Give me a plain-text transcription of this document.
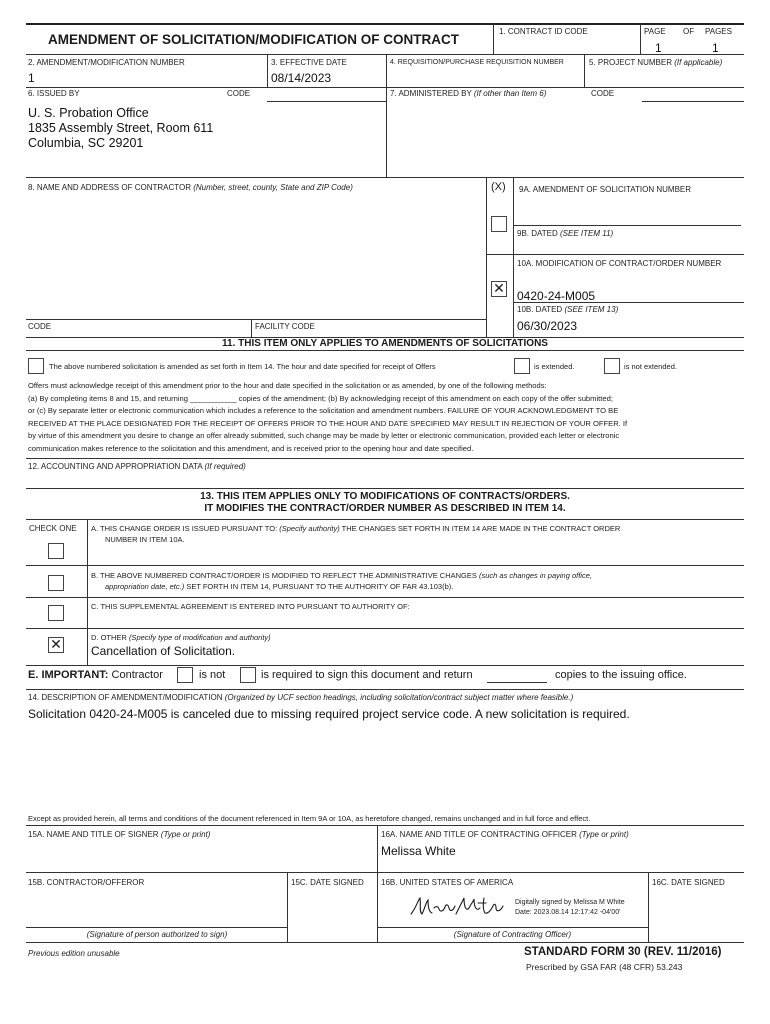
AMENDMENT OF SOLICITATION/MODIFICATION OF CONTRACT
1. CONTRACT ID CODE	PAGE OF PAGES
1	1
2. AMENDMENT/MODIFICATION NUMBER
1
3. EFFECTIVE DATE
08/14/2023
4. REQUISITION/PURCHASE REQUISITION NUMBER	5. PROJECT NUMBER (If applicable)
6. ISSUED BY	CODE
U. S. Probation Office
1835 Assembly Street, Room 611
Columbia, SC 29201
7. ADMINISTERED BY (If other than Item 6)	CODE
8. NAME AND ADDRESS OF CONTRACTOR (Number, street, county, State and ZIP Code)	(X) 9A. AMENDMENT OF SOLICITATION NUMBER
9B. DATED (SEE ITEM 11)
10A. MODIFICATION OF CONTRACT/ORDER NUMBER
✕ 0420-24-M005
10B. DATED (SEE ITEM 13)
06/30/2023
CODE	FACILITY CODE
11. THIS ITEM ONLY APPLIES TO AMENDMENTS OF SOLICITATIONS
The above numbered solicitation is amended as set forth in Item 14. The hour and date specified for receipt of Offers	is extended.	is not extended.
Offers must acknowledge receipt of this amendment prior to the hour and date specified in the solicitation or as amended, by one of the following methods:
(a) By completing items 8 and 15, and returning ___________ copies of the amendment; (b) By acknowledging receipt of this amendment on each copy of the offer submitted;
or (c) By separate letter or electronic communication which includes a reference to the solicitation and amendment numbers. FAILURE OF YOUR ACKNOWLEDGMENT TO BE
RECEIVED AT THE PLACE DESIGNATED FOR THE RECEIPT OF OFFERS PRIOR TO THE HOUR AND DATE SPECIFIED MAY RESULT IN REJECTION OF YOUR OFFER. If
by virtue of this amendment you desire to change an offer already submitted, such change may be made by letter or electronic communication, provided each letter or electronic
communication makes reference to the solicitation and this amendment, and is received prior to the opening hour and date specified.
12. ACCOUNTING AND APPROPRIATION DATA (If required)
13. THIS ITEM APPLIES ONLY TO MODIFICATIONS OF CONTRACTS/ORDERS.
IT MODIFIES THE CONTRACT/ORDER NUMBER AS DESCRIBED IN ITEM 14.
CHECK ONE A. THIS CHANGE ORDER IS ISSUED PURSUANT TO: (Specify authority) THE CHANGES SET FORTH IN ITEM 14 ARE MADE IN THE CONTRACT ORDER
NUMBER IN ITEM 10A.
B. THE ABOVE NUMBERED CONTRACT/ORDER IS MODIFIED TO REFLECT THE ADMINISTRATIVE CHANGES (such as changes in paying office,
appropriation date, etc.) SET FORTH IN ITEM 14, PURSUANT TO THE AUTHORITY OF FAR 43.103(b).
C. THIS SUPPLEMENTAL AGREEMENT IS ENTERED INTO PURSUANT TO AUTHORITY OF:
D. OTHER (Specify type of modification and authority)
✕ Cancellation of Solicitation.
E. IMPORTANT: Contractor	is not	is required to sign this document and return	copies to the issuing office.
14. DESCRIPTION OF AMENDMENT/MODIFICATION (Organized by UCF section headings, including solicitation/contract subject matter where feasible.)
Solicitation 0420-24-M005 is canceled due to missing required project service code. A new solicitation is required.
Except as provided herein, all terms and conditions of the document referenced in Item 9A or 10A, as heretofore changed, remains unchanged and in full force and effect.
15A. NAME AND TITLE OF SIGNER (Type or print)	16A. NAME AND TITLE OF CONTRACTING OFFICER (Type or print)
Melissa White
15B. CONTRACTOR/OFFEROR	15C. DATE SIGNED 16B. UNITED STATES OF AMERICA	16C. DATE SIGNED
Digitally signed by Melissa M White
Date: 2023.08.14 12:17:42 -04'00'
(Signature of person authorized to sign)	(Signature of Contracting Officer)
Previous edition unusable	STANDARD FORM 30 (REV. 11/2016)
Prescribed by GSA FAR (48 CFR) 53.243
